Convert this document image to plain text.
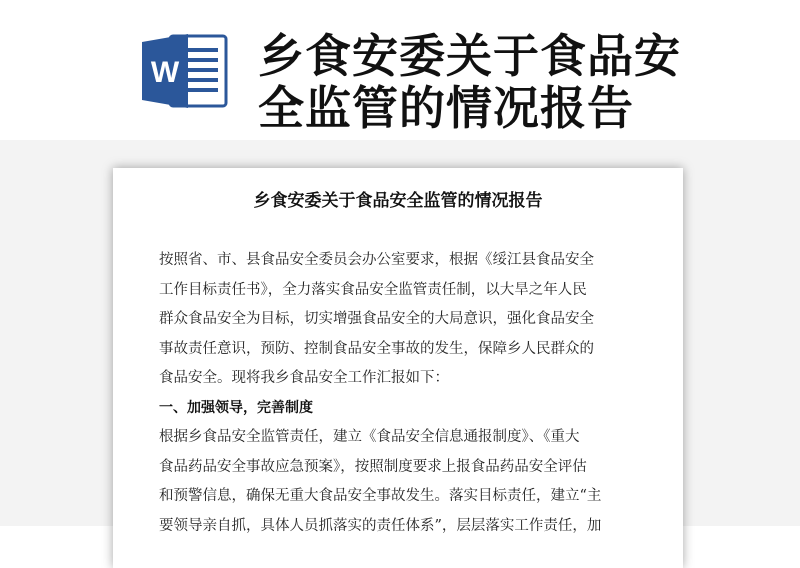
W 乡食安委关于食品安
全监管的情况报告
乡食安委关于食品安全监管的情况报告
按照省、市、县食品安全委员会办公室要求，根据《绥江县食品安全
工作目标责任书》，全力落实食品安全监管责任制，以大旱之年人民
群众食品安全为目标，切实增强食品安全的大局意识，强化食品安全
事故责任意识，预防、控制食品安全事故的发生，保障乡人民群众的
食品安全。现将我乡食品安全工作汇报如下：
一、加强领导，完善制度
根据乡食品安全监管责任，建立《食品安全信息通报制度》、《重大
食品药品安全事故应急预案》，按照制度要求上报食品药品安全评估
和预警信息，确保无重大食品安全事故发生。落实目标责任，建立“主
要领导亲自抓，具体人员抓落实的责任体系”，层层落实工作责任，加
